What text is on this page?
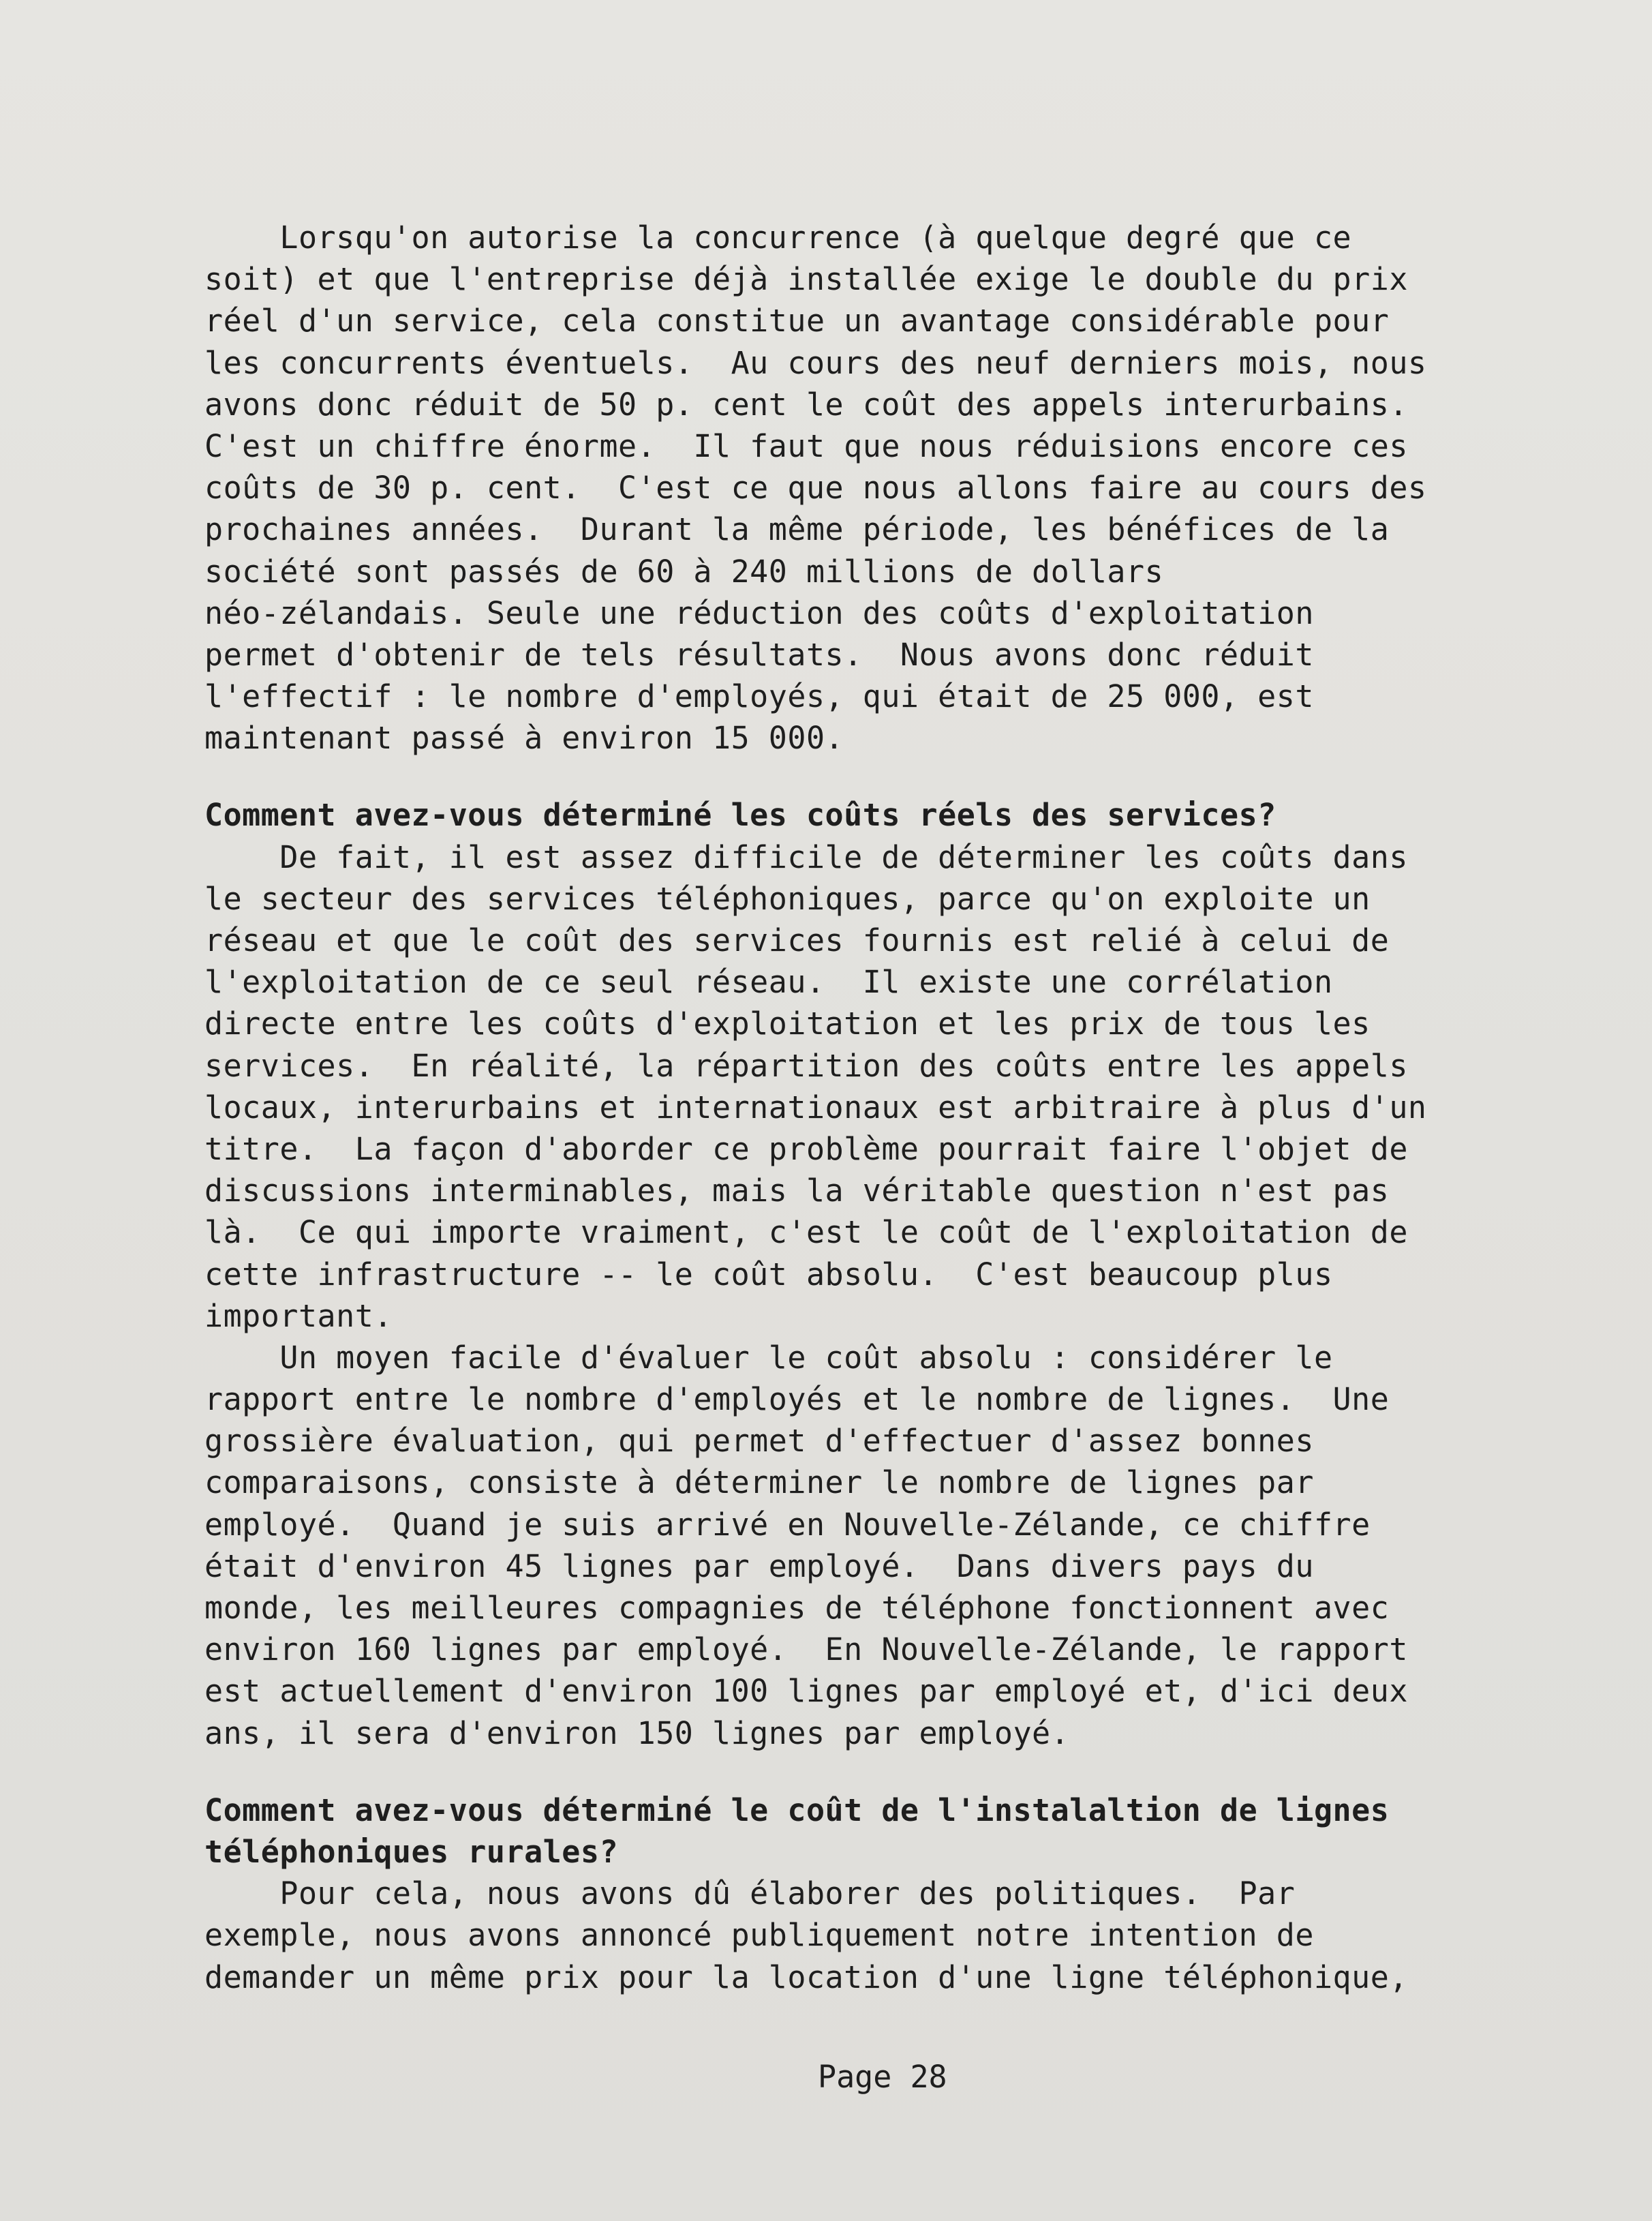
Lorsqu'on autorise la concurrence (à quelque degré que ce
soit) et que l'entreprise déjà installée exige le double du prix
réel d'un service, cela constitue un avantage considérable pour
les concurrents éventuels.  Au cours des neuf derniers mois, nous
avons donc réduit de 50 p. cent le coût des appels interurbains.
C'est un chiffre énorme.  Il faut que nous réduisions encore ces
coûts de 30 p. cent.  C'est ce que nous allons faire au cours des
prochaines années.  Durant la même période, les bénéfices de la
société sont passés de 60 à 240 millions de dollars
néo-zélandais. Seule une réduction des coûts d'exploitation
permet d'obtenir de tels résultats.  Nous avons donc réduit
l'effectif : le nombre d'employés, qui était de 25 000, est
maintenant passé à environ 15 000.
Comment avez-vous déterminé les coûts réels des services?
De fait, il est assez difficile de déterminer les coûts dans
le secteur des services téléphoniques, parce qu'on exploite un
réseau et que le coût des services fournis est relié à celui de
l'exploitation de ce seul réseau.  Il existe une corrélation
directe entre les coûts d'exploitation et les prix de tous les
services.  En réalité, la répartition des coûts entre les appels
locaux, interurbains et internationaux est arbitraire à plus d'un
titre.  La façon d'aborder ce problème pourrait faire l'objet de
discussions interminables, mais la véritable question n'est pas
là.  Ce qui importe vraiment, c'est le coût de l'exploitation de
cette infrastructure -- le coût absolu.  C'est beaucoup plus
important.
Un moyen facile d'évaluer le coût absolu : considérer le
rapport entre le nombre d'employés et le nombre de lignes.  Une
grossière évaluation, qui permet d'effectuer d'assez bonnes
comparaisons, consiste à déterminer le nombre de lignes par
employé.  Quand je suis arrivé en Nouvelle-Zélande, ce chiffre
était d'environ 45 lignes par employé.  Dans divers pays du
monde, les meilleures compagnies de téléphone fonctionnent avec
environ 160 lignes par employé.  En Nouvelle-Zélande, le rapport
est actuellement d'environ 100 lignes par employé et, d'ici deux
ans, il sera d'environ 150 lignes par employé.
Comment avez-vous déterminé le coût de l'instalaltion de lignes
téléphoniques rurales?
Pour cela, nous avons dû élaborer des politiques.  Par
exemple, nous avons annoncé publiquement notre intention de
demander un même prix pour la location d'une ligne téléphonique,
Page 28
